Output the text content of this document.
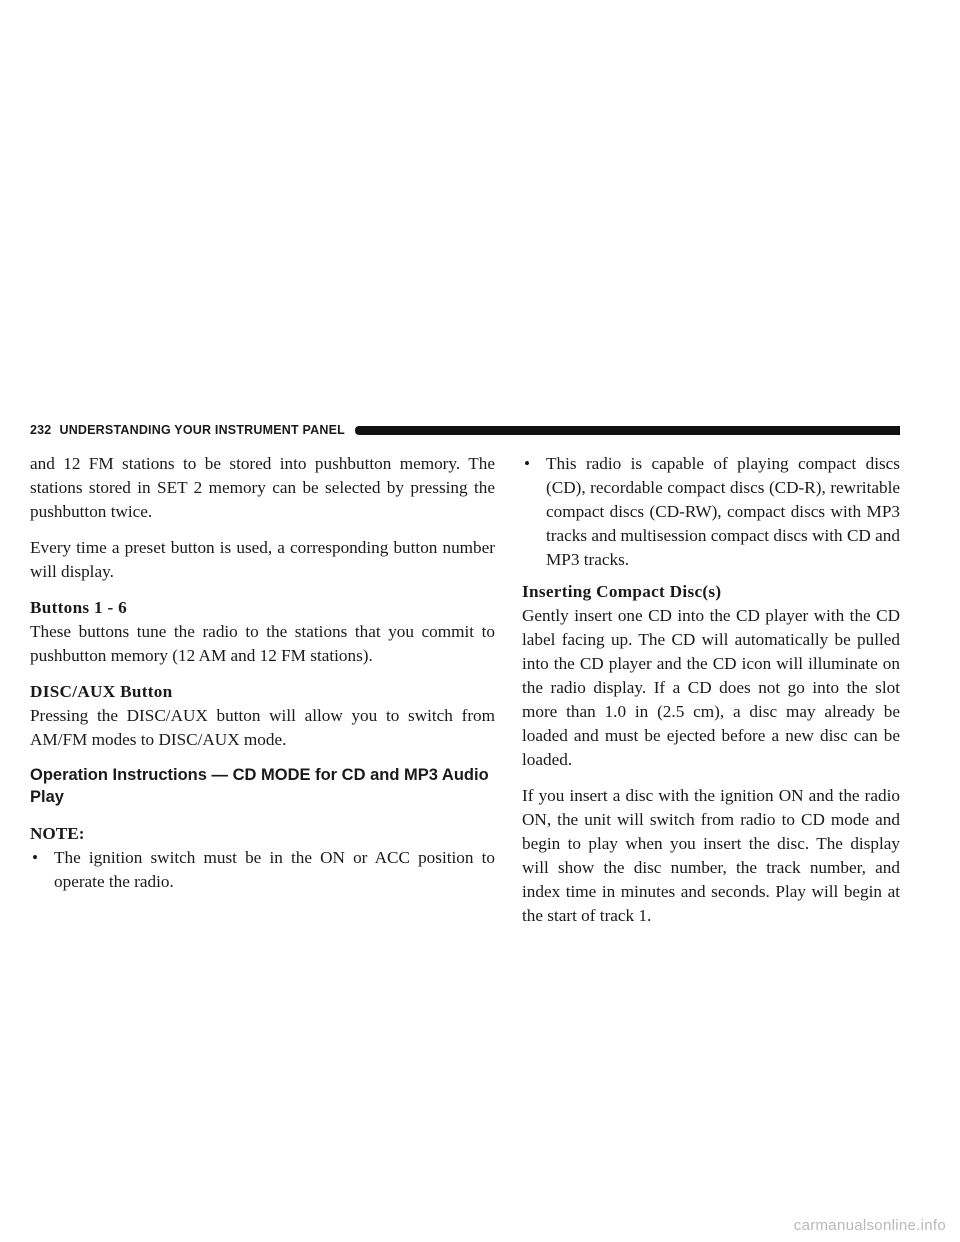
232 UNDERSTANDING YOUR INSTRUMENT PANEL

and 12 FM stations to be stored into pushbutton memory. The stations stored in SET 2 memory can be selected by pressing the pushbutton twice.

Every time a preset button is used, a corresponding button number will display.

Buttons 1 - 6

These buttons tune the radio to the stations that you commit to pushbutton memory (12 AM and 12 FM stations).

DISC/AUX Button

Pressing the DISC/AUX button will allow you to switch from AM/FM modes to DISC/AUX mode.

Operation Instructions — CD MODE for CD and MP3 Audio Play
NOTE:
• The ignition switch must be in the ON or ACC position to operate the radio.
• This radio is capable of playing compact discs (CD), recordable compact discs (CD-R), rewritable compact discs (CD-RW), compact discs with MP3 tracks and multisession compact discs with CD and MP3 tracks.
Inserting Compact Disc(s)

Gently insert one CD into the CD player with the CD label facing up. The CD will automatically be pulled into the CD player and the CD icon will illuminate on the radio display. If a CD does not go into the slot more than 1.0 in (2.5 cm), a disc may already be loaded and must be ejected before a new disc can be loaded.

If you insert a disc with the ignition ON and the radio ON, the unit will switch from radio to CD mode and begin to play when you insert the disc. The display will show the disc number, the track number, and index time in minutes and seconds. Play will begin at the start of track 1.

carmanualsonline.info
